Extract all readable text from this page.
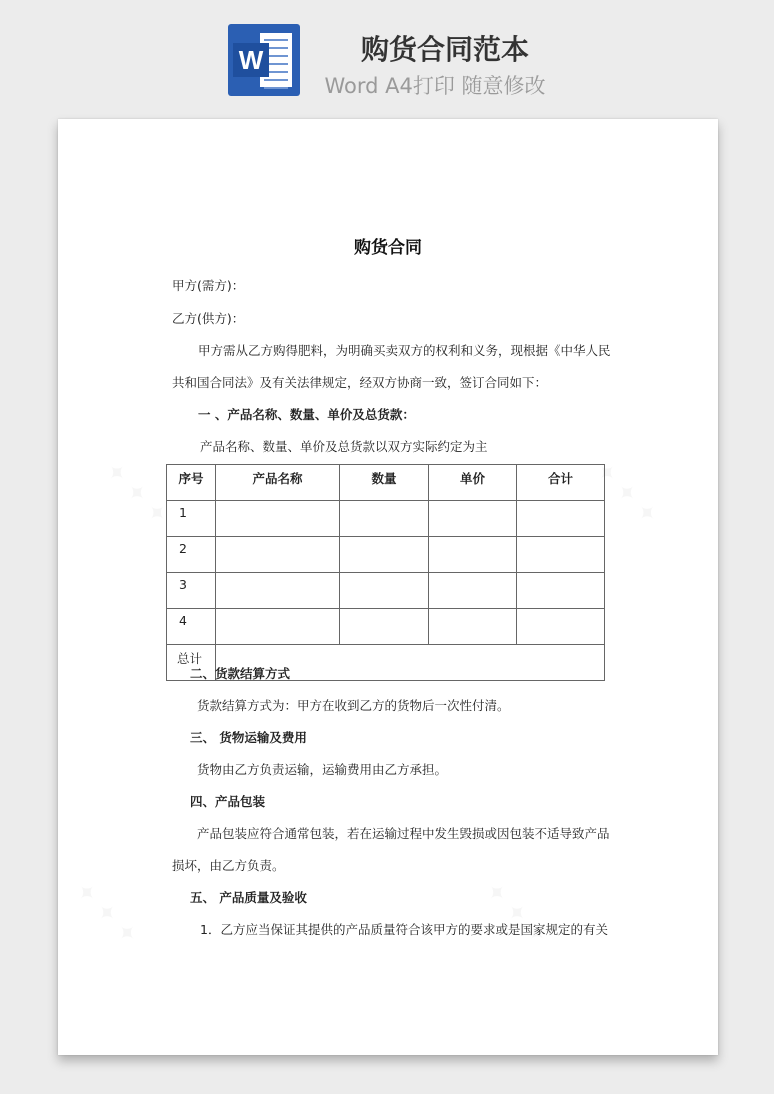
W	购货合同范本
Word A4打印 随意修改
购货合同
甲方(需方)：
乙方(供方)：
甲方需从乙方购得肥料，为明确买卖双方的权利和义务，现根据《中华人民
共和国合同法》及有关法律规定，经双方协商一致，签订合同如下：
一 、产品名称、数量、单价及总货款：
产品名称、数量、单价及总货款以双方实际约定为主
序号	产品名称	数量	单价	合计
1				
2				
3				
4				
总计				
二、货款结算方式
货款结算方式为：甲方在收到乙方的货物后一次性付清。
三、 货物运输及费用
货物由乙方负责运输，运输费用由乙方承担。
四、产品包装
产品包装应符合通常包装，若在运输过程中发生毁损或因包装不适导致产品
损坏，由乙方负责。
五、 产品质量及验收
1．乙方应当保证其提供的产品质量符合该甲方的要求或是国家规定的有关
